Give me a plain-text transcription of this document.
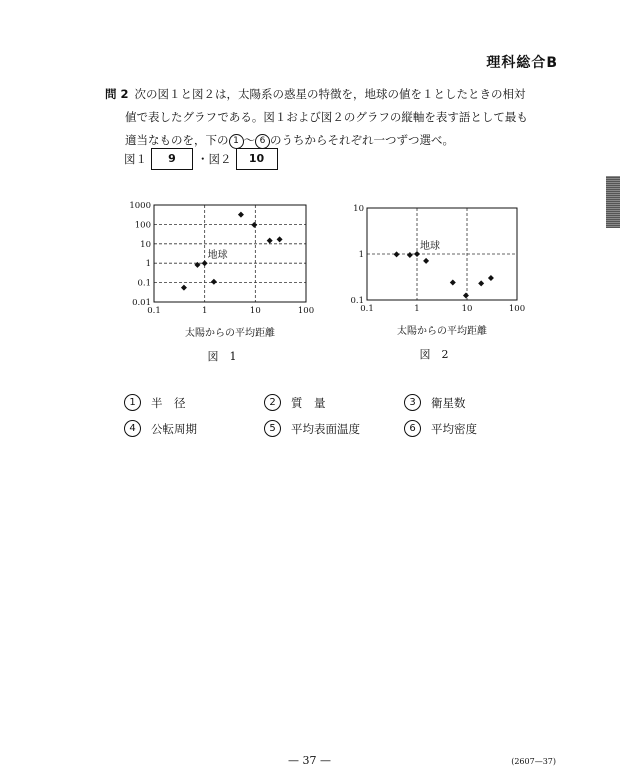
理科総合B
問 2 次の図１と図２は，太陽系の惑星の特徴を，地球の値を１としたときの相対
値で表したグラフである。図１および図２のグラフの縦軸を表す語として最も
適当なものを，下の 1 ～ 6 のうちからそれぞれ一つずつ選べ。
図１	9	・図２	10
0.1	1	10	100
0.01
0.1
1
10
100
1000
地球
太陽からの平均距離
図　1
0.1	1	10	100
0.1
1
10
地球
太陽からの平均距離
図　2
1	半　径	2	質　量	3	衛星数
4	公転周期	5	平均表面温度	6	平均密度
— 37 —	(2607—37)
